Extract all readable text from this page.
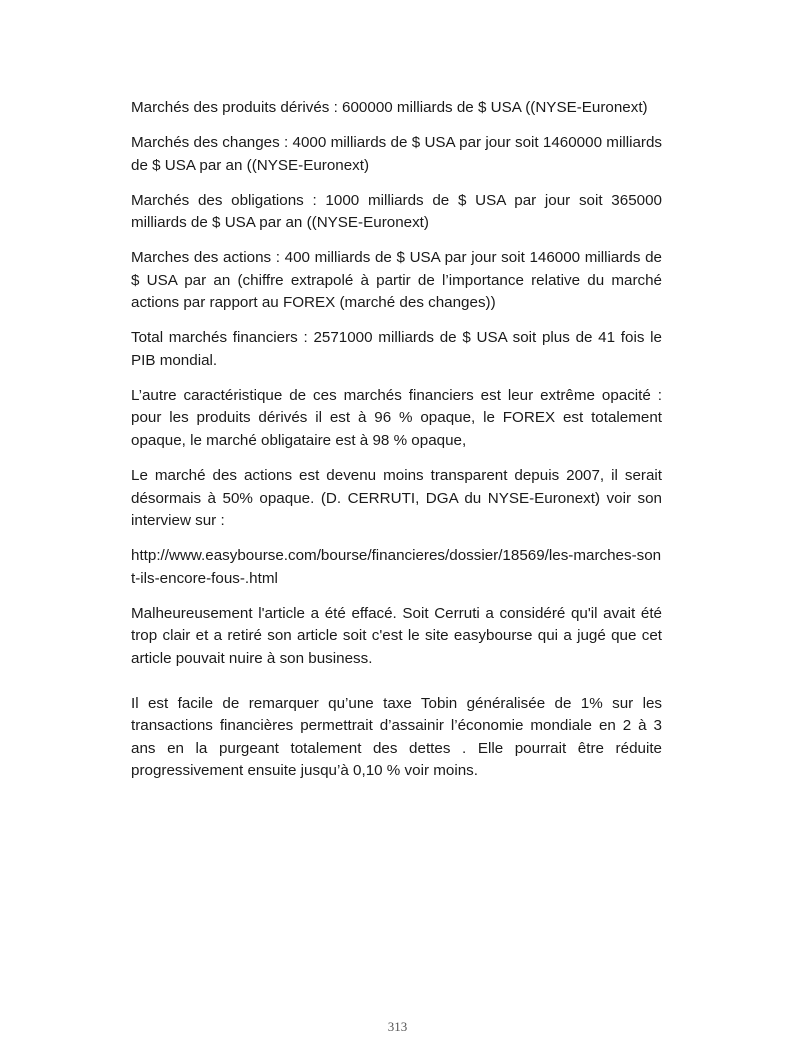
Marchés des produits dérivés : 600000 milliards de $ USA ((NYSE-Euronext)

Marchés des changes : 4000 milliards de $ USA par jour soit 1460000 milliards de $ USA par an ((NYSE-Euronext)

Marchés des obligations : 1000 milliards de $ USA par jour soit 365000 milliards de $ USA par an ((NYSE-Euronext)

Marches des actions : 400 milliards de $ USA par jour soit 146000 milliards de $ USA par an (chiffre extrapolé à partir de l’importance relative du marché actions par rapport au FOREX (marché des changes))

Total marchés financiers : 2571000 milliards de $ USA soit plus de 41 fois le PIB mondial.

L’autre caractéristique de ces marchés financiers est leur extrême opacité : pour les produits dérivés il est à 96 % opaque, le FOREX est totalement opaque, le marché obligataire est à 98 % opaque,

Le marché des actions est devenu moins transparent depuis 2007, il serait désormais à 50% opaque. (D. CERRUTI, DGA du NYSE-Euronext) voir son interview sur :

http://www.easybourse.com/bourse/financieres/dossier/18569/les-marches-sont-ils-encore-fous-.html

Malheureusement l'article a été effacé. Soit Cerruti a considéré qu'il avait été trop clair et a retiré son article soit c'est le site easybourse qui a jugé que cet article pouvait nuire à son business.

Il est facile de remarquer qu’une taxe Tobin généralisée de 1% sur les transactions financières permettrait d’assainir l’économie mondiale en 2 à 3 ans en la purgeant totalement des dettes . Elle pourrait être réduite progressivement ensuite jusqu’à 0,10 % voir moins.

313
